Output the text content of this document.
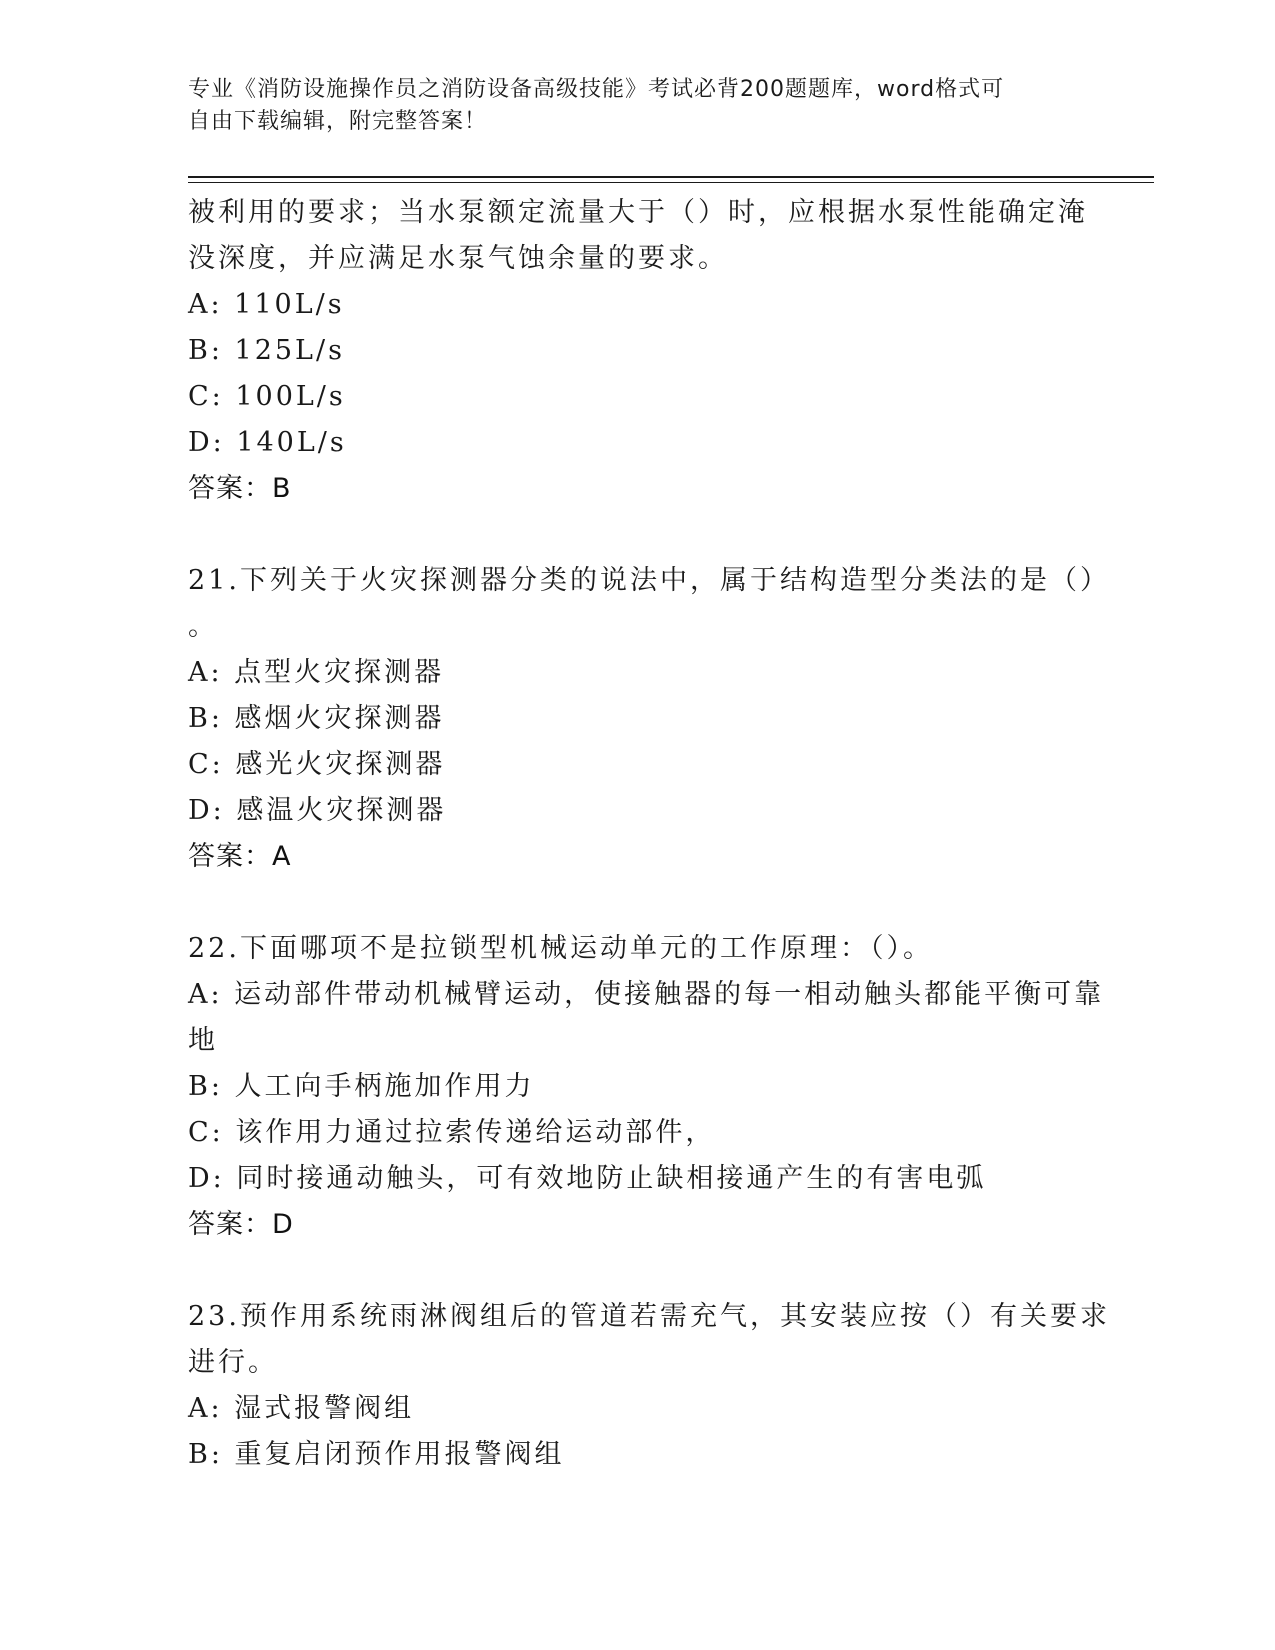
专业《消防设施操作员之消防设备高级技能》考试必背200题题库，word格式可
自由下载编辑，附完整答案！

被利用的要求；当水泵额定流量大于（）时，应根据水泵性能确定淹

没深度，并应满足水泵气蚀余量的要求。

A: 110L/s

B: 125L/s

C: 100L/s

D: 140L/s

答案：B

21.下列关于火灾探测器分类的说法中，属于结构造型分类法的是（）

。

A: 点型火灾探测器

B: 感烟火灾探测器

C: 感光火灾探测器

D: 感温火灾探测器

答案：A

22.下面哪项不是拉锁型机械运动单元的工作原理：（）。

A: 运动部件带动机械臂运动，使接触器的每一相动触头都能平衡可靠

地

B: 人工向手柄施加作用力

C: 该作用力通过拉索传递给运动部件，

D: 同时接通动触头，可有效地防止缺相接通产生的有害电弧

答案：D

23.预作用系统雨淋阀组后的管道若需充气，其安装应按（）有关要求

进行。

A: 湿式报警阀组

B: 重复启闭预作用报警阀组
